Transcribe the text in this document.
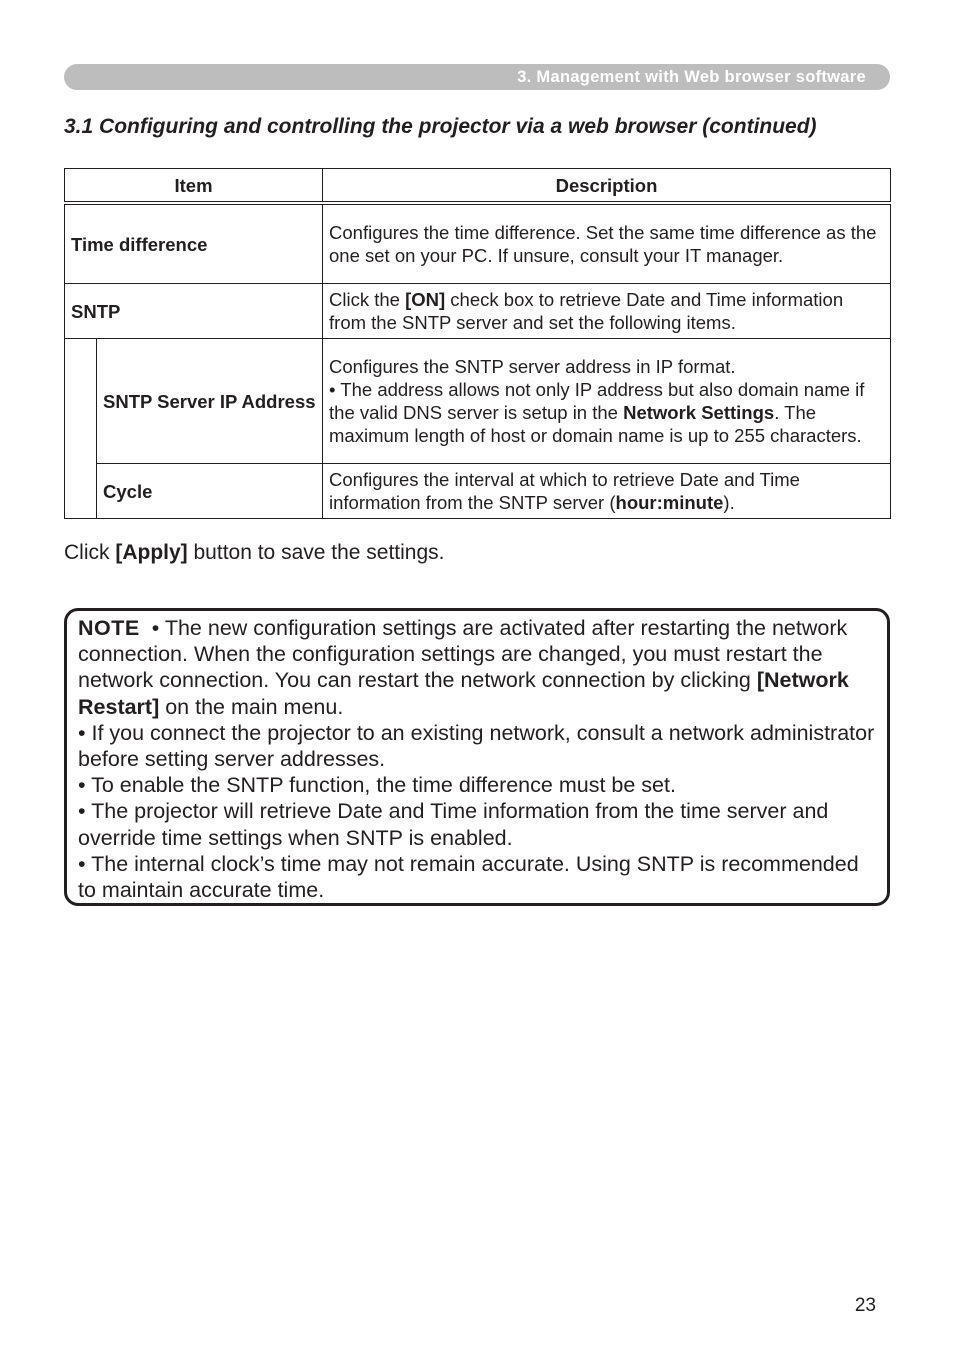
3. Management with Web browser software
3.1 Configuring and controlling the projector via a web browser (continued)
Item		Description
Time difference		Configures the time difference. Set the same time difference as the one set on your PC. If unsure, consult your IT manager.
SNTP		Click the [ON] check box to retrieve Date and Time information from the SNTP server and set the following items.
	SNTP Server IP Address	Configures the SNTP server address in IP format.
• The address allows not only IP address but also domain name if the valid DNS server is setup in the Network Settings. The maximum length of host or domain name is up to 255 characters.
	Cycle	Configures the interval at which to retrieve Date and Time information from the SNTP server (hour:minute).
Click [Apply] button to save the settings.
NOTE • The new configuration settings are activated after restarting the network connection. When the configuration settings are changed, you must restart the network connection. You can restart the network connection by clicking [Network Restart] on the main menu.
• If you connect the projector to an existing network, consult a network administrator before setting server addresses.
• To enable the SNTP function, the time difference must be set.
• The projector will retrieve Date and Time information from the time server and override time settings when SNTP is enabled.
• The internal clock’s time may not remain accurate. Using SNTP is recommended to maintain accurate time.
23
